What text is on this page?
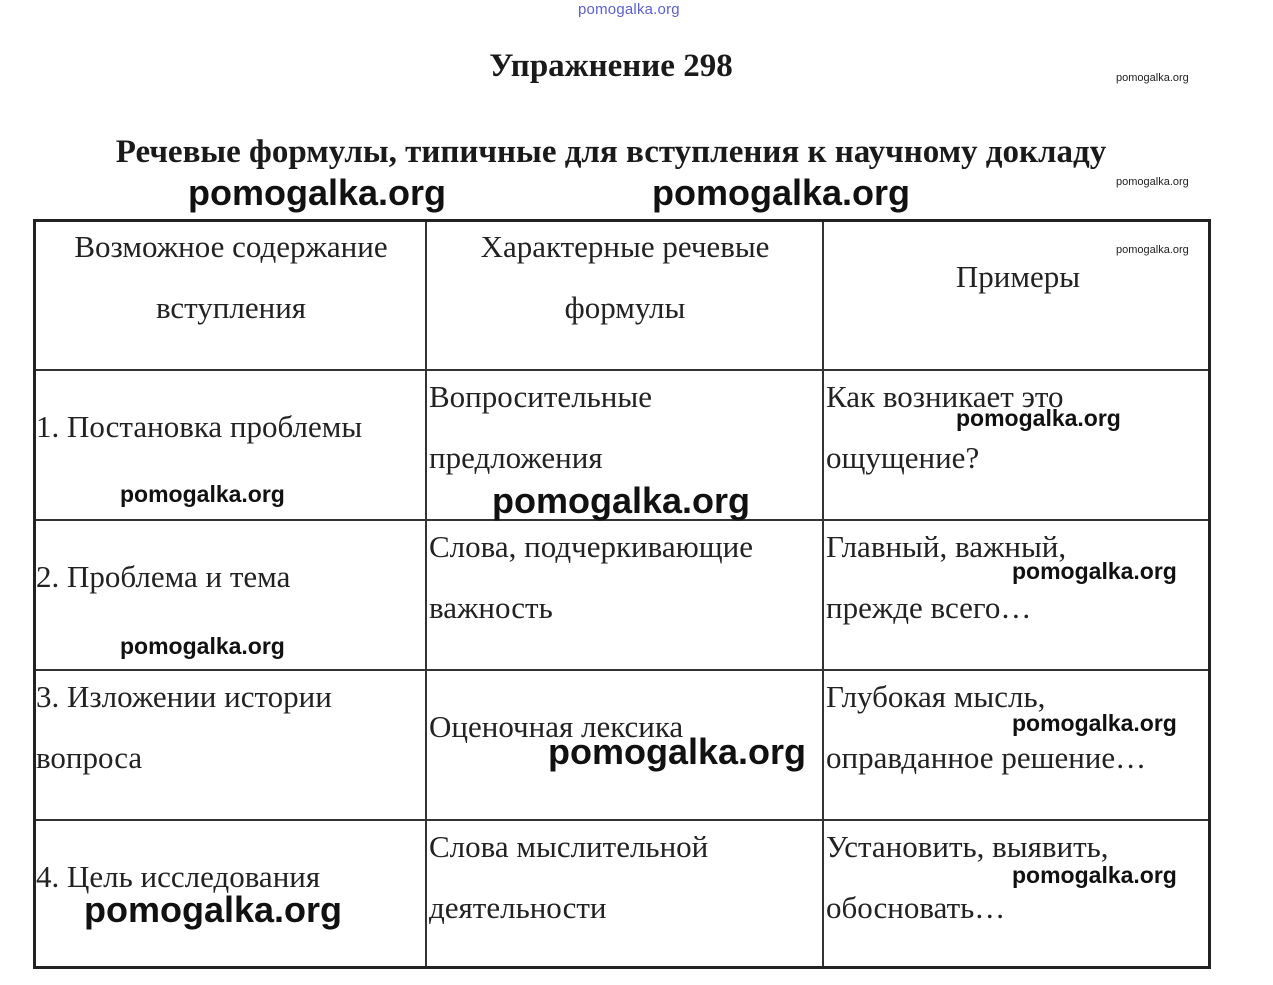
pomogalka.org
Упражнение 298
Речевые формулы, типичные для вступления к научному докладу
Возможное содержание вступления
Характерные речевые формулы
Примеры
1. Постановка проблемы
Вопросительные предложения
Как возникает это ощущение?
2. Проблема и тема
Слова, подчеркивающие важность
Главный, важный, прежде всего…
3. Изложении истории вопроса
Оценочная лексика
Глубокая мысль, оправданное решение…
4. Цель исследования
Слова мыслительной деятельности
Установить, выявить, обосновать…
pomogalka.org
pomogalka.org
pomogalka.org
pomogalka.org	pomogalka.org
pomogalka.org
pomogalka.org	pomogalka.org
pomogalka.org
pomogalka.org
pomogalka.org
pomogalka.org
pomogalka.org
pomogalka.org
